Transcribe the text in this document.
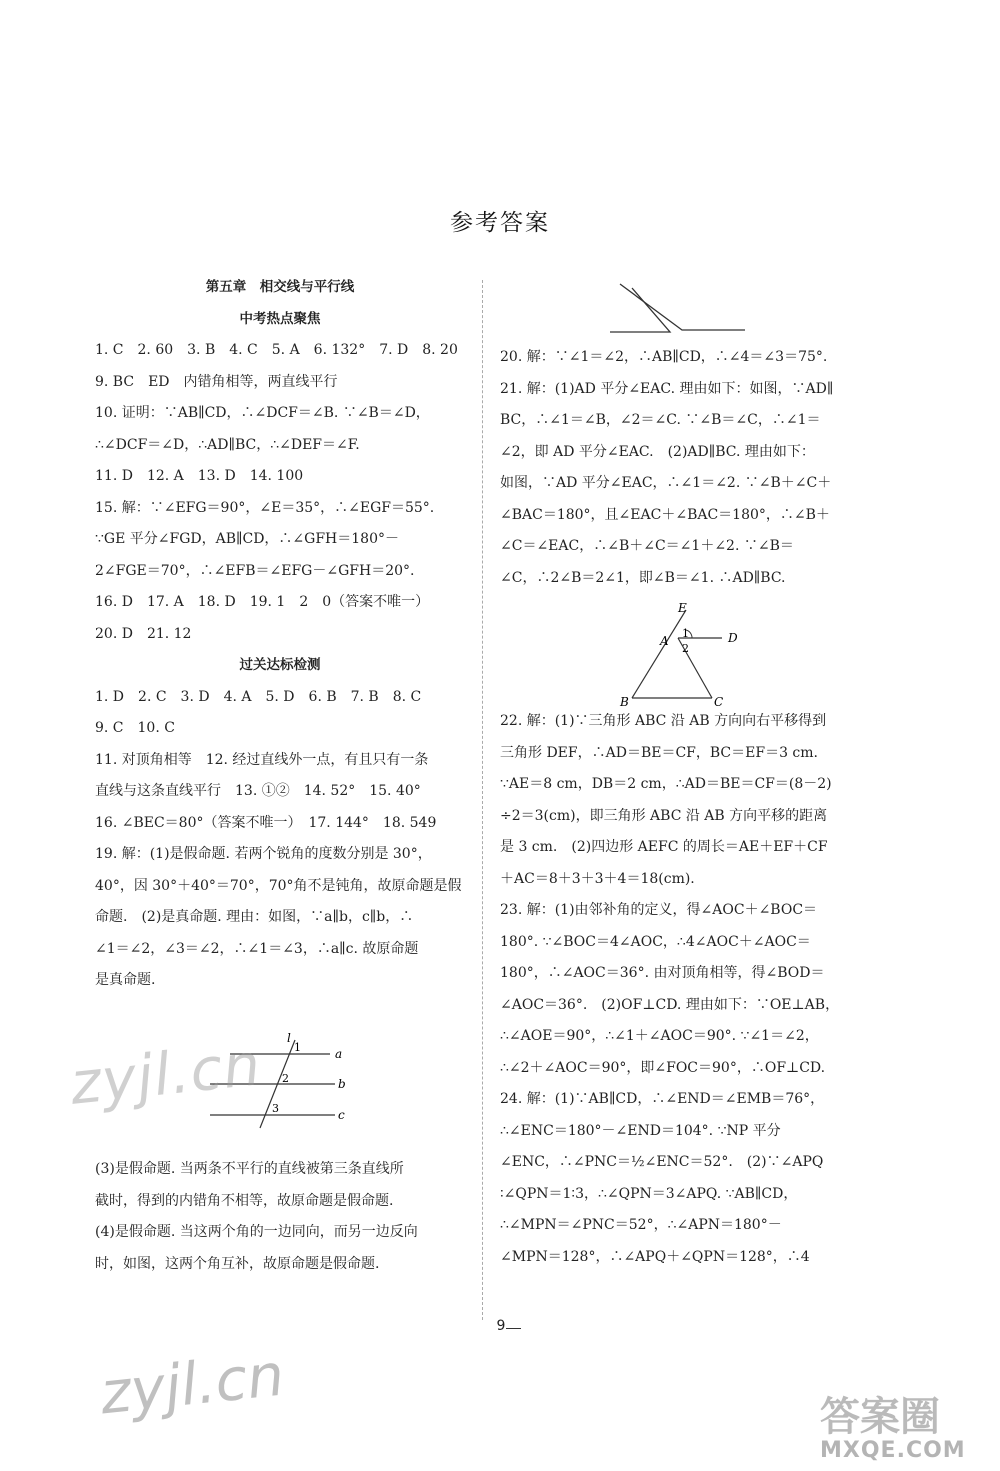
参考答案
第五章　相交线与平行线
中考热点聚焦
1. C　2. 60　3. B　4. C　5. A　6. 132°　7. D　8. 20
9. BC　ED　内错角相等，两直线平行
10. 证明：∵AB∥CD，∴∠DCF＝∠B. ∵∠B＝∠D，
∴∠DCF＝∠D，∴AD∥BC，∴∠DEF＝∠F.
11. D　12. A　13. D　14. 100
15. 解：∵∠EFG＝90°，∠E＝35°，∴∠EGF＝55°.
∵GE 平分∠FGD，AB∥CD，∴∠GFH＝180°－
2∠FGE＝70°，∴∠EFB＝∠EFG－∠GFH＝20°.
16. D　17. A　18. D　19. 1　2　0（答案不唯一）
20. D　21. 12
过关达标检测
1. D　2. C　3. D　4. A　5. D　6. B　7. B　8. C
9. C　10. C
11. 对顶角相等　12. 经过直线外一点，有且只有一条
直线与这条直线平行　13. ①②　14. 52°　15. 40°
16. ∠BEC＝80°（答案不唯一）　17. 144°　18. 549
19. 解：(1)是假命题. 若两个锐角的度数分别是 30°，
40°，因 30°＋40°＝70°，70°角不是钝角，故原命题是假
命题.　(2)是真命题. 理由：如图，∵a∥b，c∥b，∴
∠1＝∠2，∠3＝∠2，∴∠1＝∠3，∴a∥c. 故原命题
是真命题.
(3)是假命题. 当两条不平行的直线被第三条直线所
截时，得到的内错角不相等，故原命题是假命题.
(4)是假命题. 当这两个角的一边同向，而另一边反向
时，如图，这两个角互补，故原命题是假命题.
20. 解：∵∠1＝∠2，∴AB∥CD，∴∠4＝∠3＝75°.
21. 解：(1)AD 平分∠EAC. 理由如下：如图，∵AD∥
BC，∴∠1＝∠B，∠2＝∠C. ∵∠B＝∠C，∴∠1＝
∠2，即 AD 平分∠EAC.　(2)AD∥BC. 理由如下：
如图，∵AD 平分∠EAC，∴∠1＝∠2. ∵∠B＋∠C＋
∠BAC＝180°，且∠EAC＋∠BAC＝180°，∴∠B＋
∠C＝∠EAC，∴∠B＋∠C＝∠1＋∠2. ∵∠B＝
∠C，∴2∠B＝2∠1，即∠B＝∠1. ∴AD∥BC.
22. 解：(1)∵三角形 ABC 沿 AB 方向向右平移得到
三角形 DEF，∴AD＝BE＝CF，BC＝EF＝3 cm.
∵AE＝8 cm，DB＝2 cm，∴AD＝BE＝CF＝(8－2)
÷2＝3(cm)，即三角形 ABC 沿 AB 方向平移的距离
是 3 cm.　(2)四边形 AEFC 的周长＝AE＋EF＋CF
＋AC＝8＋3＋3＋4＝18(cm).
23. 解：(1)由邻补角的定义，得∠AOC＋∠BOC＝
180°. ∵∠BOC＝4∠AOC，∴4∠AOC＋∠AOC＝
180°，∴∠AOC＝36°. 由对顶角相等，得∠BOD＝
∠AOC＝36°.　(2)OF⊥CD. 理由如下：∵OE⊥AB，
∴∠AOE＝90°，∴∠1＋∠AOC＝90°. ∵∠1＝∠2，
∴∠2＋∠AOC＝90°，即∠FOC＝90°，∴OF⊥CD.
24. 解：(1)∵AB∥CD，∴∠END＝∠EMB＝76°，
∴∠ENC＝180°－∠END＝104°. ∵NP 平分
∠ENC，∴∠PNC＝½∠ENC＝52°.　(2)∵∠APQ
∶∠QPN＝1∶3，∴∠QPN＝3∠APQ. ∵AB∥CD，
∴∠MPN＝∠PNC＝52°，∴∠APN＝180°－
∠MPN＝128°，∴∠APQ＋∠QPN＝128°，∴4
E
A
1
2
D
B	C
l
1	a
2	b
3	c
9
zyjl.cn
zyjl.cn	答案圈
MXQE.COM
